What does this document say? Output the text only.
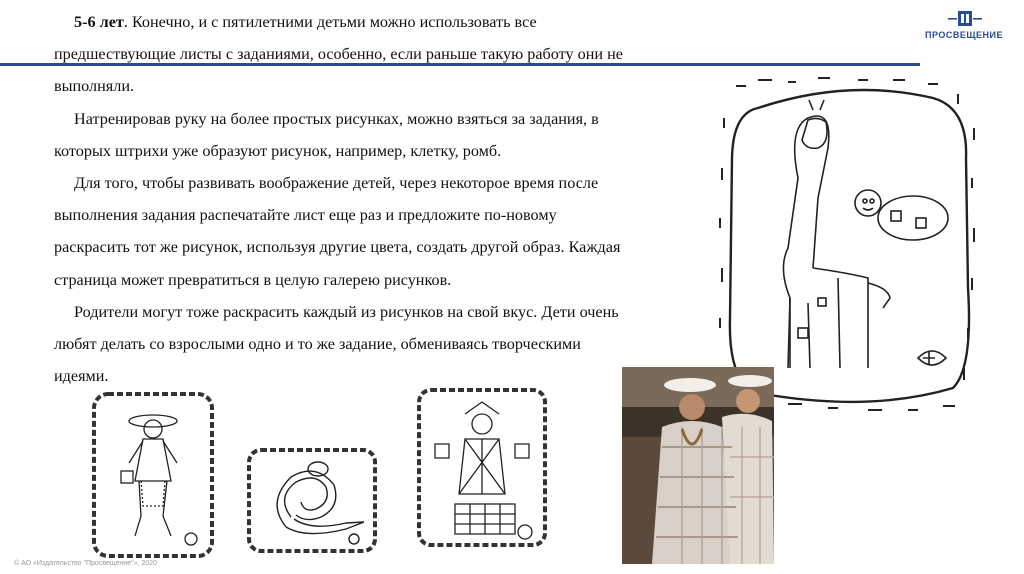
ПРОСВЕЩЕНИЕ

5-6 лет. Конечно, и с пятилетними детьми можно использовать все предшествующие листы с заданиями, особенно, если раньше такую работу они не выполняли.

Натренировав руку на более простых рисунках, можно взяться за задания, в которых штрихи уже образуют рисунок, например, клетку, ромб.

Для того, чтобы развивать воображение детей, через некоторое время после выполнения задания распечатайте лист еще раз и предложите по-новому раскрасить тот же рисунок, используя другие цвета, создать другой образ. Каждая страница может превратиться в целую галерею рисунков.

Родители могут тоже раскрасить каждый из рисунков на свой вкус. Дети очень любят делать со взрослыми одно и то же задание, обмениваясь творческими идеями.

© АО «Издательство "Просвещение"», 2020
